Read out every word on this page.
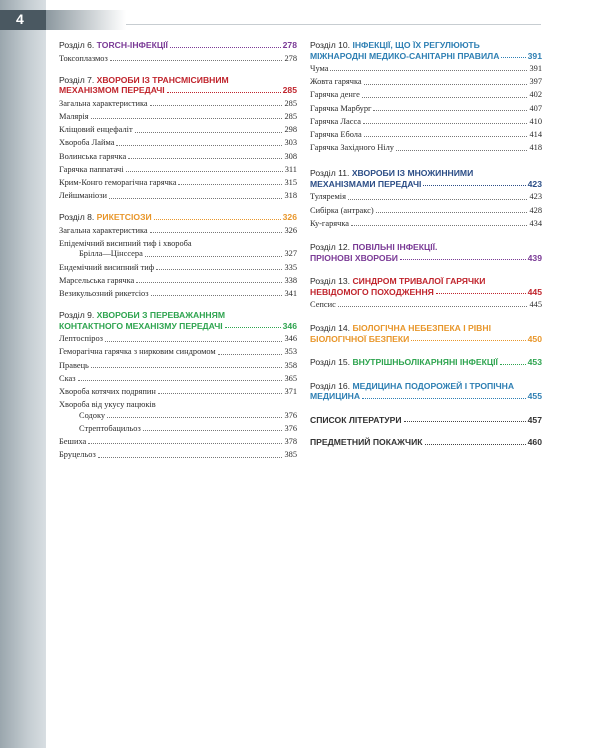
4
Розділ 6.
TORCH-ІНФЕКЦІЇ	278
Токсоплазмоз	278
Розділ 7.
ХВОРОБИ ІЗ ТРАНСМІСИВНИМ
МЕХАНІЗМОМ ПЕРЕДАЧІ	285
Загальна характеристика	285
Малярія	285
Кліщовий енцефаліт	298
Хвороба Лайма	303
Волинська гарячка	308
Гарячка паппатачі	311
Крим-Конго геморагічна гарячка	315
Лейшманіози	318
Розділ 8.
РИКЕТСІОЗИ	326
Загальна характеристика	326
Епідемічний висипний тиф і хвороба
Брілла—Цінссера	327
Ендемічний висипний тиф	335
Марсельська гарячка	338
Везикульозний рикетсіоз	341
Розділ 9.
ХВОРОБИ З ПЕРЕВАЖАННЯМ
КОНТАКТНОГО МЕХАНІЗМУ ПЕРЕДАЧІ	346
Лептоспіроз	346
Геморагічна гарячка з нирковим синдромом	353
Правець	358
Сказ	365
Хвороба котячих подряпин	371
Хвороба від укусу пацюків
Содоку	376
Стрептобацильоз	376
Бешиха	378
Бруцельоз	385
Розділ 10.
ІНФЕКЦІЇ, ЩО ЇХ РЕГУЛЮЮТЬ
МІЖНАРОДНІ МЕДИКО-САНІТАРНІ ПРАВИЛА	391
Чума	391
Жовта гарячка	397
Гарячка денге	402
Гарячка Марбург	407
Гарячка Ласса	410
Гарячка Ебола	414
Гарячка Західного Нілу	418
Розділ 11.
ХВОРОБИ ІЗ МНОЖИННИМИ
МЕХАНІЗМАМИ ПЕРЕДАЧІ	423
Туляремія	423
Сибірка (антракс)	428
Ку-гарячка	434
Розділ 12.
ПОВІЛЬНІ ІНФЕКЦІЇ.
ПРІОНОВІ ХВОРОБИ	439
Розділ 13.
СИНДРОМ ТРИВАЛОЇ ГАРЯЧКИ
НЕВІДОМОГО ПОХОДЖЕННЯ	445
Сепсис	445
Розділ 14.
БІОЛОГІЧНА НЕБЕЗПЕКА І РІВНІ
БІОЛОГІЧНОЇ БЕЗПЕКИ	450
Розділ 15.
ВНУТРІШНЬОЛІКАРНЯНІ ІНФЕКЦІЇ	453
Розділ 16.
МЕДИЦИНА ПОДОРОЖЕЙ І ТРОПІЧНА
МЕДИЦИНА	455
СПИСОК ЛІТЕРАТУРИ	457
ПРЕДМЕТНИЙ ПОКАЖЧИК	460
